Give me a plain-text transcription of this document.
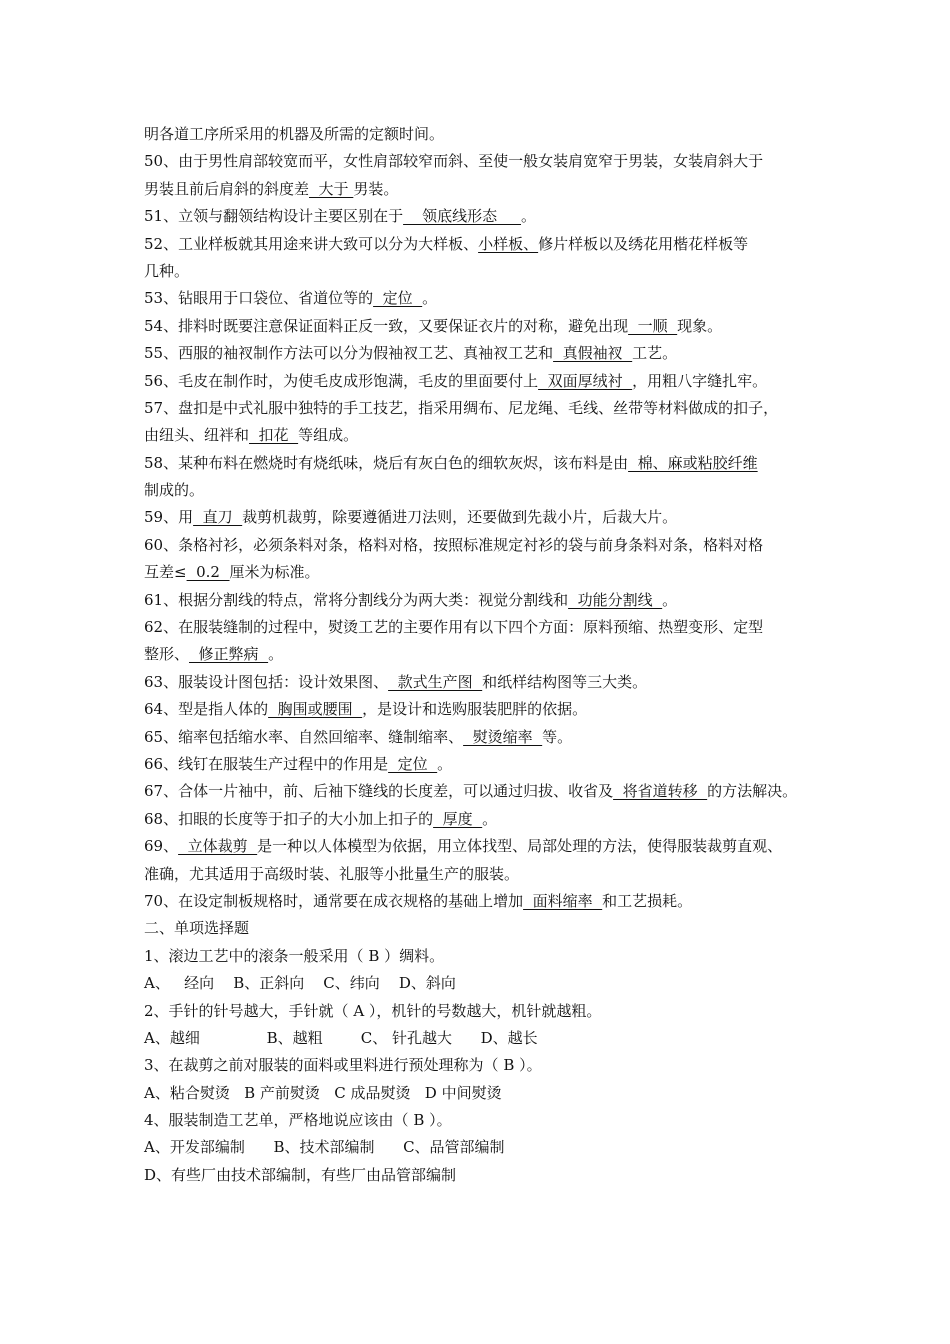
明各道工序所采用的机器及所需的定额时间。
50、由于男性肩部较宽而平，女性肩部较窄而斜、至使一般女装肩宽窄于男装，女装肩斜大于
男装且前后肩斜的斜度差  大于 男装。
51、立领与翻领结构设计主要区别在于    领底线形态     。
52、工业样板就其用途来讲大致可以分为大样板、小样板、修片样板以及绣花用楷花样板等
几种。
53、钻眼用于口袋位、省道位等的  定位  。
54、排料时既要注意保证面料正反一致，又要保证衣片的对称，避免出现  一顺  现象。
55、西服的袖衩制作方法可以分为假袖衩工艺、真袖衩工艺和  真假袖衩  工艺。
56、毛皮在制作时，为使毛皮成形饱满，毛皮的里面要付上  双面厚绒衬  ，用粗八字缝扎牢。
57、盘扣是中式礼服中独特的手工技艺，指采用绸布、尼龙绳、毛线、丝带等材料做成的扣子，
由纽头、纽袢和  扣花  等组成。
58、某种布料在燃烧时有烧纸味，烧后有灰白色的细软灰烬，该布料是由  棉、麻或粘胶纤维
制成的。
59、用  直刀  裁剪机裁剪，除要遵循进刀法则，还要做到先裁小片，后裁大片。
60、条格衬衫，必须条料对条，格料对格，按照标准规定衬衫的袋与前身条料对条，格料对格
互差≤  0.2  厘米为标准。
61、根据分割线的特点，常将分割线分为两大类：视觉分割线和  功能分割线  。
62、在服装缝制的过程中，熨烫工艺的主要作用有以下四个方面：原料预缩、热塑变形、定型
整形、  修正弊病  。
63、服装设计图包括：设计效果图、  款式生产图  和纸样结构图等三大类。
64、型是指人体的  胸围或腰围  ，是设计和选购服装肥胖的依据。
65、缩率包括缩水率、自然回缩率、缝制缩率、  熨烫缩率  等。
66、线钉在服装生产过程中的作用是  定位  。
67、合体一片袖中，前、后袖下缝线的长度差，可以通过归拔、收省及  将省道转移  的方法解决。
68、扣眼的长度等于扣子的大小加上扣子的  厚度  。
69、  立体裁剪  是一种以人体模型为依据，用立体找型、局部处理的方法，使得服装裁剪直观、
准确，尤其适用于高级时装、礼服等小批量生产的服装。
70、在设定制板规格时，通常要在成衣规格的基础上增加  面料缩率  和工艺损耗。
二、单项选择题
1、滚边工艺中的滚条一般采用（ B ）绸料。
A、   经向    B、正斜向    C、纬向    D、斜向
2、手针的针号越大，手针就（ A ），机针的号数越大，机针就越粗。
A、越细              B、越粗        C、 针孔越大      D、越长
3、在裁剪之前对服装的面料或里料进行预处理称为（ B ）。
A、粘合熨烫   B 产前熨烫   C 成品熨烫   D 中间熨烫
4、服装制造工艺单，严格地说应该由（ B ）。
A、开发部编制      B、技术部编制      C、品管部编制
D、有些厂由技术部编制，有些厂由品管部编制
